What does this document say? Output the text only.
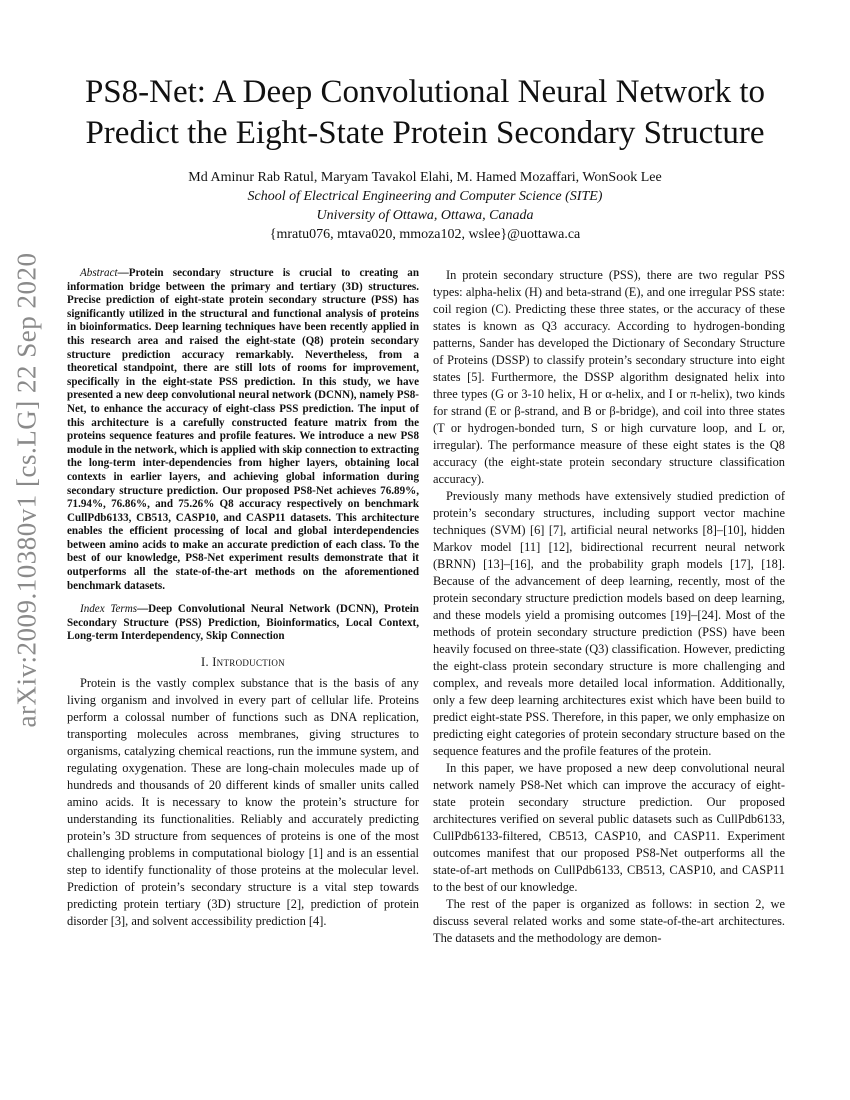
arXiv:2009.10380v1 [cs.LG] 22 Sep 2020
PS8-Net: A Deep Convolutional Neural Network to
Predict the Eight-State Protein Secondary Structure
Md Aminur Rab Ratul, Maryam Tavakol Elahi, M. Hamed Mozaffari, WonSook Lee
School of Electrical Engineering and Computer Science (SITE)
University of Ottawa, Ottawa, Canada
{mratu076, mtava020, mmoza102, wslee}@uottawa.ca

Abstract—Protein secondary structure is crucial to creating an information bridge between the primary and tertiary (3D) structures. Precise prediction of eight-state protein secondary structure (PSS) has significantly utilized in the structural and functional analysis of proteins in bioinformatics. Deep learning techniques have been recently applied in this research area and raised the eight-state (Q8) protein secondary structure prediction accuracy remarkably. Nevertheless, from a theoretical standpoint, there are still lots of rooms for improvement, specifically in the eight-state PSS prediction. In this study, we have presented a new deep convolutional neural network (DCNN), namely PS8-Net, to enhance the accuracy of eight-class PSS prediction. The input of this architecture is a carefully constructed feature matrix from the proteins sequence features and profile features. We introduce a new PS8 module in the network, which is applied with skip connection to extracting the long-term inter-dependencies from higher layers, obtaining local contexts in earlier layers, and achieving global information during secondary structure prediction. Our proposed PS8-Net achieves 76.89%, 71.94%, 76.86%, and 75.26% Q8 accuracy respectively on benchmark CullPdb6133, CB513, CASP10, and CASP11 datasets. This architecture enables the efficient processing of local and global interdependencies between amino acids to make an accurate prediction of each class. To the best of our knowledge, PS8-Net experiment results demonstrate that it outperforms all the state-of-the-art methods on the aforementioned benchmark datasets.

Index Terms—Deep Convolutional Neural Network (DCNN), Protein Secondary Structure (PSS) Prediction, Bioinformatics, Local Context, Long-term Interdependency, Skip Connection

I. Introduction

Protein is the vastly complex substance that is the basis of any living organism and involved in every part of cellular life. Proteins perform a colossal number of functions such as DNA replication, transporting molecules across membranes, giving structures to organisms, catalyzing chemical reactions, run the immune system, and regulating oxygenation. These are long-chain molecules made up of hundreds and thousands of 20 different kinds of smaller units called amino acids. It is necessary to know the protein’s structure for understanding its functionalities. Reliably and accurately predicting protein’s 3D structure from sequences of proteins is one of the most challenging problems in computational biology [1] and is an essential step to identify functionality of those proteins at the molecular level. Prediction of protein’s secondary structure is a vital step towards predicting protein tertiary (3D) structure [2], prediction of protein disorder [3], and solvent accessibility prediction [4].

In protein secondary structure (PSS), there are two regular PSS types: alpha-helix (H) and beta-strand (E), and one irregular PSS state: coil region (C). Predicting these three states, or the accuracy of these states is known as Q3 accuracy. According to hydrogen-bonding patterns, Sander has developed the Dictionary of Secondary Structure of Proteins (DSSP) to classify protein’s secondary structure into eight states [5]. Furthermore, the DSSP algorithm designated helix into three types (G or 3-10 helix, H or α-helix, and I or π-helix), two kinds for strand (E or β-strand, and B or β-bridge), and coil into three states (T or hydrogen-bonded turn, S or high curvature loop, and L or, irregular). The performance measure of these eight states is the Q8 accuracy (the eight-state protein secondary structure classification accuracy).

Previously many methods have extensively studied prediction of protein’s secondary structures, including support vector machine techniques (SVM) [6] [7], artificial neural networks [8]–[10], hidden Markov model [11] [12], bidirectional recurrent neural network (BRNN) [13]–[16], and the probability graph models [17], [18]. Because of the advancement of deep learning, recently, most of the protein secondary structure prediction models based on deep learning, and these models yield a promising outcomes [19]–[24]. Most of the methods of protein secondary structure prediction (PSS) have been heavily focused on three-state (Q3) classification. However, predicting the eight-class protein secondary structure is more challenging and complex, and reveals more detailed local information. Additionally, only a few deep learning architectures exist which have been build to predict eight-state PSS. Therefore, in this paper, we only emphasize on predicting eight categories of protein secondary structure based on the sequence features and the profile features of the protein.

In this paper, we have proposed a new deep convolutional neural network namely PS8-Net which can improve the accuracy of eight-state protein secondary structure prediction. Our proposed architectures verified on several public datasets such as CullPdb6133, CullPdb6133-filtered, CB513, CASP10, and CASP11. Experiment outcomes manifest that our proposed PS8-Net outperforms all the state-of-art methods on CullPdb6133, CB513, CASP10, and CASP11 to the best of our knowledge.

The rest of the paper is organized as follows: in section 2, we discuss several related works and some state-of-the-art architectures. The datasets and the methodology are demon-
